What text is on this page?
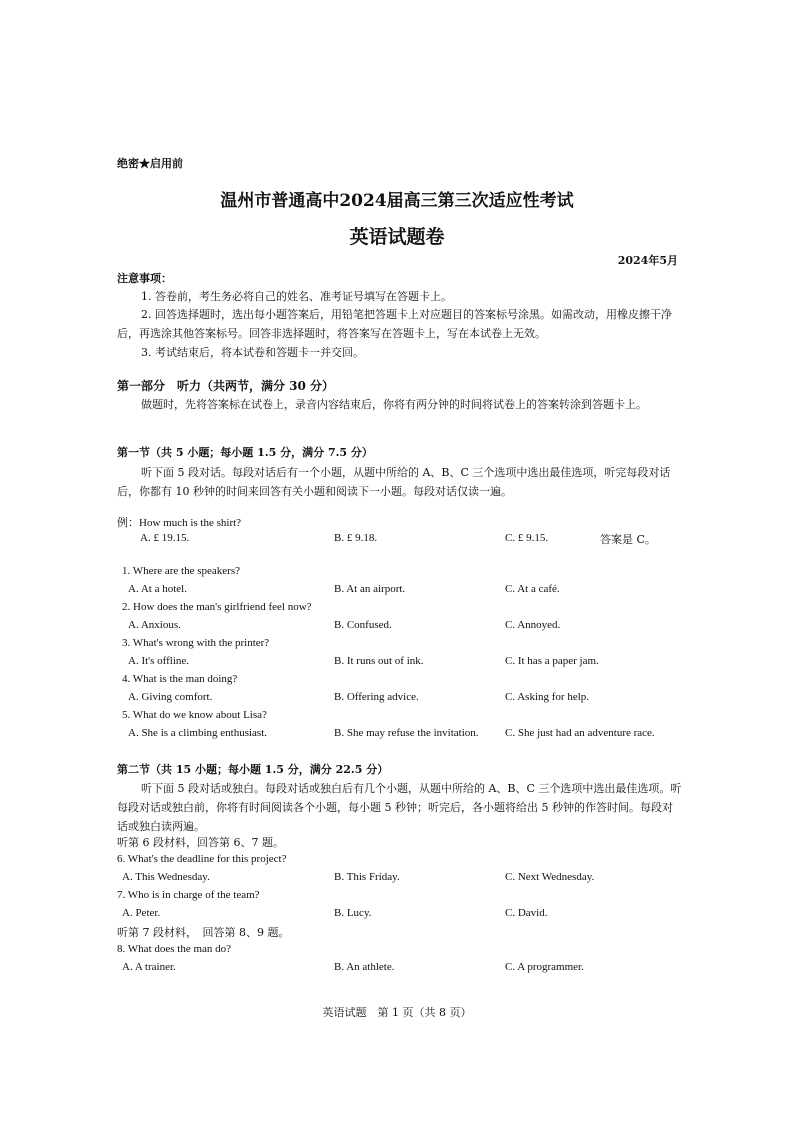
绝密★启用前
温州市普通高中2024届高三第三次适应性考试
英语试题卷
2024年5月
注意事项：
1. 答卷前，考生务必将自己的姓名、准考证号填写在答题卡上。
2. 回答选择题时，选出每小题答案后，用铅笔把答题卡上对应题目的答案标号涂黑。如需改动，用橡皮擦干净后，再选涂其他答案标号。回答非选择题时，将答案写在答题卡上，写在本试卷上无效。
3. 考试结束后，将本试卷和答题卡一并交回。
第一部分　听力（共两节，满分 30 分）
做题时，先将答案标在试卷上，录音内容结束后，你将有两分钟的时间将试卷上的答案转涂到答题卡上。
第一节（共 5 小题；每小题 1.5 分，满分 7.5 分）
听下面 5 段对话。每段对话后有一个小题，从题中所给的 A、B、C 三个选项中选出最佳选项，听完每段对话后，你都有 10 秒钟的时间来回答有关小题和阅读下一小题。每段对话仅读一遍。
例：How much is the shirt?
A. £ 19.15.	B. £ 9.18.	C. £ 9.15.	答案是 C。
1. Where are the speakers?
A. At a hotel.	B. At an airport.	C. At a café.
2. How does the man's girlfriend feel now?
A. Anxious.	B. Confused.	C. Annoyed.
3. What's wrong with the printer?
A. It's offline.	B. It runs out of ink.	C. It has a paper jam.
4. What is the man doing?
A. Giving comfort.	B. Offering advice.	C. Asking for help.
5. What do we know about Lisa?
A. She is a climbing enthusiast.	B. She may refuse the invitation. C. She just had an adventure race.
第二节（共 15 小题；每小题 1.5 分，满分 22.5 分）
听下面 5 段对话或独白。每段对话或独白后有几个小题，从题中所给的 A、B、C 三个选项中选出最佳选项。听每段对话或独白前，你将有时间阅读各个小题，每小题 5 秒钟；听完后，各小题将给出 5 秒钟的作答时间。每段对话或独白读两遍。
听第 6 段材料，回答第 6、7 题。
6. What's the deadline for this project?
A. This Wednesday.	B. This Friday.	C. Next Wednesday.
7. Who is in charge of the team?
A. Peter.	B. Lucy.	C. David.
听第 7 段材料，　回答第 8、9 题。
8. What does the man do?
A. A trainer.	B. An athlete.	C. A programmer.
英语试题　第 1 页（共 8 页）
